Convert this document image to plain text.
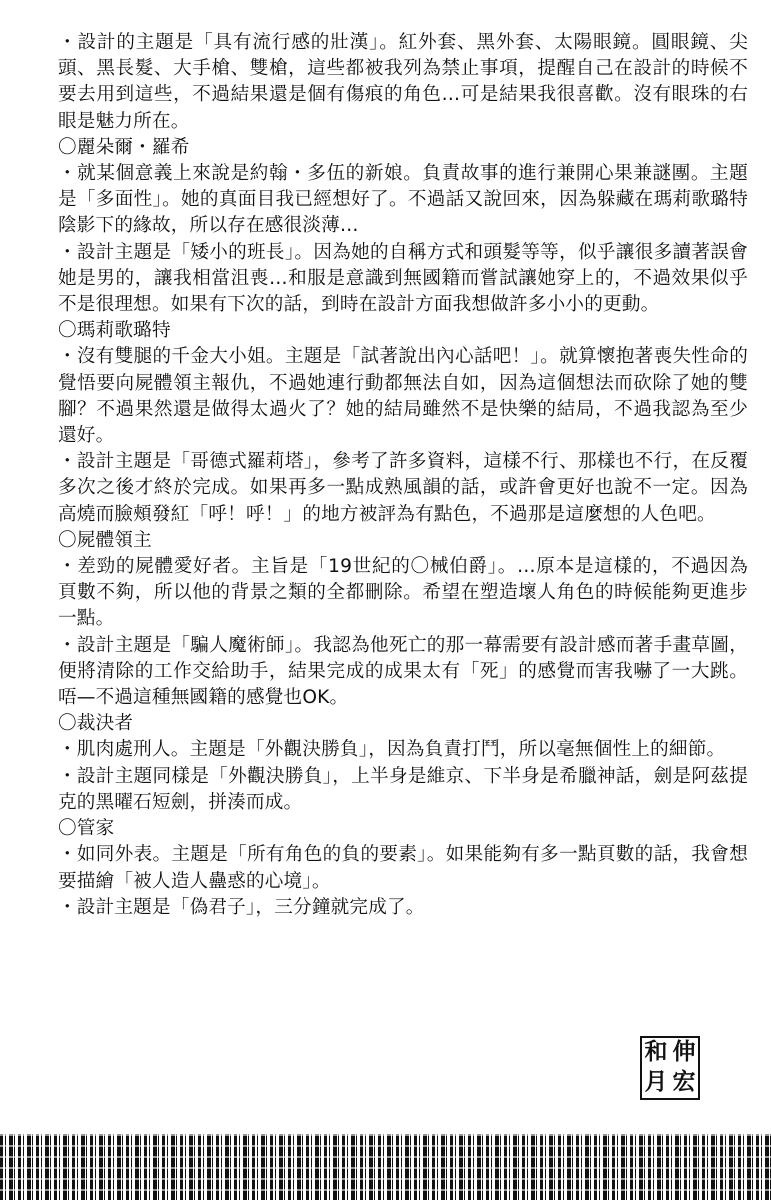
・設計的主題是「具有流行感的壯漢」。紅外套、黑外套、太陽眼鏡。圓眼鏡、尖頭、黑長髮、大手槍、雙槍，這些都被我列為禁止事項，提醒自己在設計的時候不要去用到這些，不過結果還是個有傷痕的角色…可是結果我很喜歡。沒有眼珠的右眼是魅力所在。

〇麗朵爾・羅希

・就某個意義上來說是約翰・多伍的新娘。負責故事的進行兼開心果兼謎團。主題是「多面性」。她的真面目我已經想好了。不過話又說回來，因為躲藏在瑪莉歌璐特陰影下的緣故，所以存在感很淡薄…

・設計主題是「矮小的班長」。因為她的自稱方式和頭髮等等，似乎讓很多讀著誤會她是男的，讓我相當沮喪…和服是意識到無國籍而嘗試讓她穿上的，不過效果似乎不是很理想。如果有下次的話，到時在設計方面我想做許多小小的更動。

〇瑪莉歌璐特

・沒有雙腿的千金大小姐。主題是「試著說出內心話吧！」。就算懷抱著喪失性命的覺悟要向屍體領主報仇，不過她連行動都無法自如，因為這個想法而砍除了她的雙腳？不過果然還是做得太過火了？她的結局雖然不是快樂的結局，不過我認為至少還好。

・設計主題是「哥德式羅莉塔」，參考了許多資料，這樣不行、那樣也不行，在反覆多次之後才終於完成。如果再多一點成熟風韻的話，或許會更好也說不一定。因為高燒而臉頰發紅「呼！呼！」的地方被評為有點色，不過那是這麼想的人色吧。

〇屍體領主

・差勁的屍體愛好者。主旨是「19世紀的〇械伯爵」。…原本是這樣的，不過因為頁數不夠，所以他的背景之類的全都刪除。希望在塑造壞人角色的時候能夠更進步一點。

・設計主題是「騙人魔術師」。我認為他死亡的那一幕需要有設計感而著手畫草圖，便將清除的工作交給助手，結果完成的成果太有「死」的感覺而害我嚇了一大跳。唔—不過這種無國籍的感覺也OK。

〇裁決者

・肌肉處刑人。主題是「外觀決勝負」，因為負責打鬥，所以毫無個性上的細節。

・設計主題同樣是「外觀決勝負」，上半身是維京、下半身是希臘神話，劍是阿茲提克的黑曜石短劍，拼湊而成。

〇管家

・如同外表。主題是「所有角色的負的要素」。如果能夠有多一點頁數的話，我會想要描繪「被人造人蠱惑的心境」。

・設計主題是「偽君子」，三分鐘就完成了。

和 伸
月 宏
